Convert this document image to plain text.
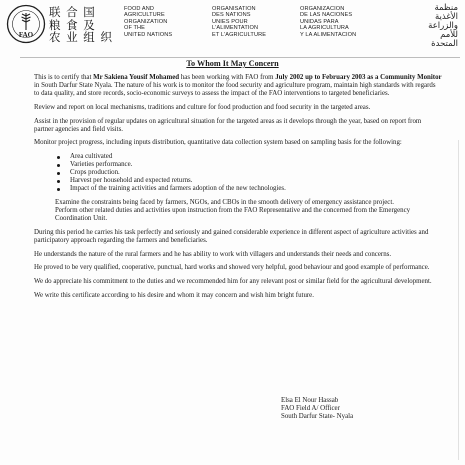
FAO
联 合 国
粮 食 及
农 业 组 织
FOOD AND
AGRICULTURE
ORGANIZATION
OF THE
UNITED NATIONS
ORGANISATION
DES NATIONS
UNIES POUR
L'ALIMENTATION
ET L'AGRICULTURE
ORGANIZACION
DE LAS NACIONES
UNIDAS PARA
LA AGRICULTURA
Y LA ALIMENTACION
منظمة
الأغذية
والزراعة
للأمم
المتحدة
To Whom It May Concern

This is to certify that Mr Sakiena Yousif Mohamed has been working with FAO from July 2002 up to February 2003 as a Community Monitor in South Darfur State Nyala. The nature of his work is to monitor the food security and agriculture program, maintain high standards with regards to data quality, and store records, socio-economic surveys to assess the impact of the FAO interventions to targeted beneficiaries.

Review and report on local mechanisms, traditions and culture for food production and food security in the targeted areas.

Assist in the provision of regular updates on agricultural situation for the targeted areas as it develops through the year, based on report from partner agencies and field visits.

Monitor project progress, including inputs distribution, quantitative data collection system based on sampling basis for the following:

Area cultivated
Varieties performance.
Crops production.
Harvest per household and expected returns.
Impact of the training activities and farmers adoption of the new technologies.

Examine the constraints being faced by farmers, NGOs, and CBOs in the smooth delivery of emergency assistance project.

Perform other related duties and activities upon instruction from the FAO Representative and the concerned from the Emergency Coordination Unit.

During this period he carries his task perfectly and seriously and gained considerable experience in different aspect of agriculture activities and participatory approach regarding the farmers and beneficiaries.

He understands the nature of the rural farmers and he has ability to work with villagers and understands their needs and concerns.

He proved to be very qualified, cooperative, punctual, hard works and showed very helpful, good behaviour and good example of performance.

We do appreciate his commitment to the duties and we recommended him for any relevant post or similar field for the agricultural development.

We write this certificate according to his desire and whom it may concern and wish him bright future.

Elsa El Nour Hassab
FAO Field A/ Officer
South Darfur State- Nyala
